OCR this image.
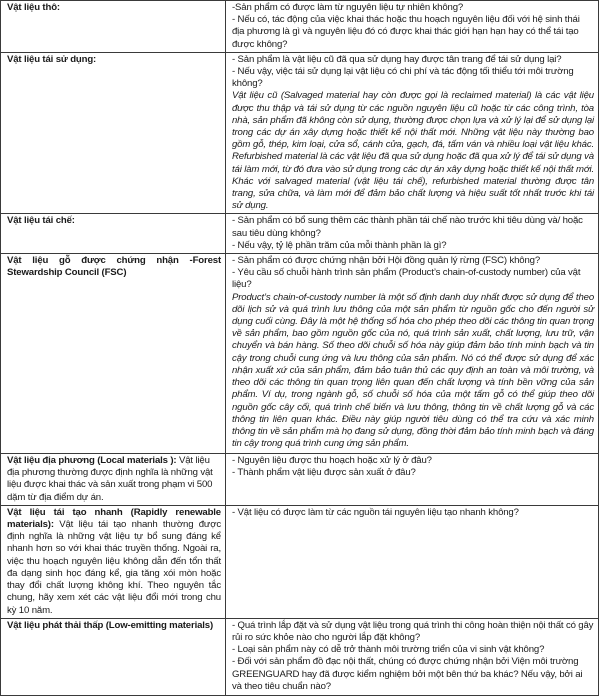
Vật liệu thô:	-Sản phẩm có được làm từ nguyên liệu tự nhiên không?
- Nếu có, tác động của việc khai thác hoặc thu hoạch nguyên liệu đối với hệ sinh thái địa phương là gì và nguyên liệu đó có được khai thác giới hạn hạn hay có thể tái tạo được không?

Vật liệu tái sử dụng:	- Sản phẩm là vật liệu cũ đã qua sử dụng hay được tân trang để tái sử dụng lại?
- Nếu vậy, việc tái sử dụng lại vật liệu có chi phí và tác động tối thiểu tới môi trường không?
Vật liệu cũ (Salvaged material hay còn được gọi là reclaimed material) là các vật liệu được thu thập và tái sử dụng từ các nguồn nguyên liệu cũ hoặc từ các công trình, tòa nhà, sản phẩm đã không còn sử dụng, thường được chọn lựa và xử lý lại để sử dụng lại trong các dự án xây dựng hoặc thiết kế nội thất mới. Những vật liệu này thường bao gồm gỗ, thép, kim loại, cửa sổ, cánh cửa, gạch, đá, tấm ván và nhiều loại vật liệu khác. Refurbished material là các vật liệu đã qua sử dụng hoặc đã qua xử lý để tái sử dụng và tái làm mới, từ đó đưa vào sử dụng trong các dự án xây dựng hoặc thiết kế nội thất mới. Khác với salvaged material (vật liệu tái chế), refurbished material thường được tân trang, sửa chữa, và làm mới để đảm bảo chất lượng và hiệu suất tốt nhất trước khi tái sử dụng.

Vật liệu tái chế:	- Sản phẩm có bổ sung thêm các thành phần tái chế nào trước khi tiêu dùng và/ hoặc sau tiêu dùng không?
- Nếu vậy, tỷ lệ phần trăm của mỗi thành phần là gì?

Vật liệu gỗ được chứng nhận -Forest Stewardship Council (FSC)	- Sản phẩm có được chứng nhận bởi Hội đồng quản lý rừng (FSC) không?
- Yêu cầu số chuỗi hành trình sản phẩm (Product’s chain-of-custody number) của vật liệu?
Product’s chain-of-custody number là một số định danh duy nhất được sử dụng để theo dõi lịch sử và quá trình lưu thông của một sản phẩm từ nguồn gốc cho đến người sử dụng cuối cùng. Đây là một hệ thống số hóa cho phép theo dõi các thông tin quan trọng về sản phẩm, bao gồm nguồn gốc của nó, quá trình sản xuất, chất lượng, lưu trữ, vận chuyển và bán hàng. Số theo dõi chuỗi số hóa này giúp đảm bảo tính minh bạch và tin cậy trong chuỗi cung ứng và lưu thông của sản phẩm. Nó có thể được sử dụng để xác nhận xuất xứ của sản phẩm, đảm bảo tuân thủ các quy định an toàn và môi trường, và theo dõi các thông tin quan trọng liên quan đến chất lượng và tính bền vững của sản phẩm. Ví dụ, trong ngành gỗ, số chuỗi số hóa của một tấm gỗ có thể giúp theo dõi nguồn gốc cây cối, quá trình chế biến và lưu thông, thông tin về chất lượng gỗ và các thông tin liên quan khác. Điều này giúp người tiêu dùng có thể tra cứu và xác minh thông tin về sản phẩm mà họ đang sử dụng, đồng thời đảm bảo tính minh bạch và đáng tin cậy trong quá trình cung ứng sản phẩm.

Vật liệu địa phương (Local materials ): Vật liệu địa phương thường được định nghĩa là những vật liệu được khai thác và sản xuất trong phạm vi 500 dặm từ địa điểm dự án.	- Nguyên liệu được thu hoạch hoặc xử lý ở đâu?
- Thành phẩm vật liệu được sản xuất ở đâu?

Vật liệu tái tạo nhanh (Rapidly renewable materials): Vật liệu tái tạo nhanh thường được định nghĩa là những vật liệu tự bổ sung đáng kể nhanh hơn so với khai thác truyền thống. Ngoài ra, việc thu hoạch nguyên liệu không dẫn đến tổn thất đa dạng sinh học đáng kể, gia tăng xói mòn hoặc thay đổi chất lượng không khí. Theo nguyên tắc chung, hãy xem xét các vật liệu đổi mới trong chu kỳ 10 năm.	- Vật liệu có được làm từ các nguồn tái nguyên liệu tạo nhanh không?

Vật liệu phát thải thấp (Low-emitting materials)	- Quá trình lắp đặt và sử dụng vật liệu trong quá trình thi công hoàn thiện nội thất có gây rủi ro sức khỏe nào cho người lắp đặt không?
- Loại sản phẩm này có dễ trở thành môi trường triển của vi sinh vật không?
- Đối với sản phẩm đồ đạc nội thất, chúng có được chứng nhận bởi Viện môi trường GREENGUARD hay đã được kiểm nghiệm bởi một bên thứ ba khác? Nếu vậy, bởi ai và theo tiêu chuẩn nào?
